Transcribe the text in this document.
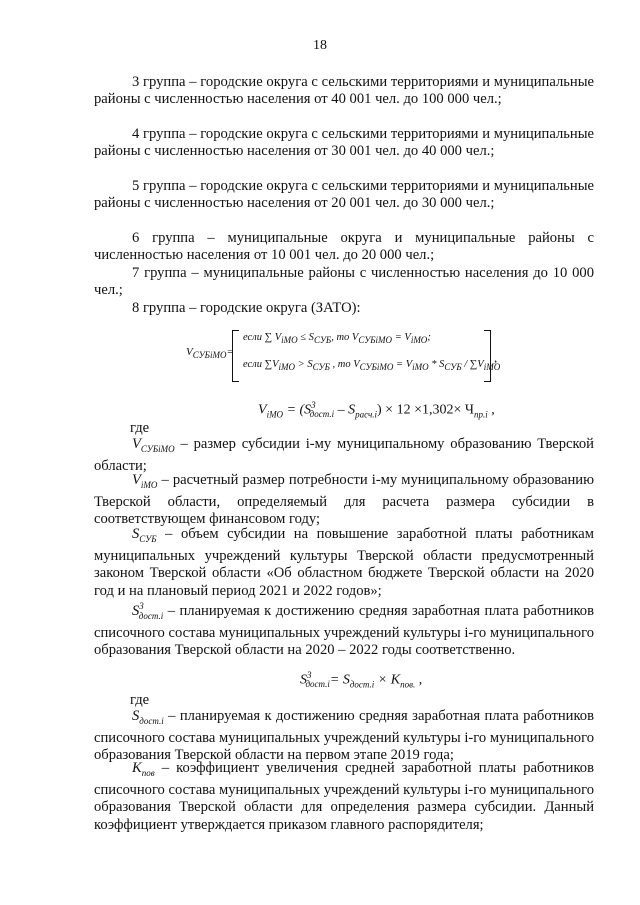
18

3 группа – городские округа с сельскими территориями и муниципальные районы с численностью населения от 40 001 чел. до 100 000 чел.;

4 группа – городские округа с сельскими территориями и муниципальные районы с численностью населения от 30 001 чел. до 40 000 чел.;

5 группа – городские округа с сельскими территориями и муниципальные районы с численностью населения от 20 001 чел. до 30 000 чел.;

6 группа – муниципальные округа и муниципальные районы с численностью населения от 10 001 чел. до 20 000 чел.;

7 группа – муниципальные районы с численностью населения до 10 000 чел.;

8 группа – городские округа (ЗАТО):

$V_{СУБiМО}=$
если ∑ $V_{iМО} \le S_{СУБ}$, то $V_{СУБiМО} = V_{iМО}$;
если $\sum V_{iМО} > S_{СУБ}$ , то $V_{СУБiМО} = V_{iМО} * S_{СУБ} / \sum V_{iМО}$
,
$V_{iМО} = (S^3_{дост.i} - S_{расч.i}) \times 12 \times 1,302\times Ч_{пр.i}$ ,

где

$V_{СУБiМО}$ – размер субсидии i-му муниципальному образованию Тверской области;

$V_{iМО}$ – расчетный размер потребности i-му муниципальному образованию Тверской области, определяемый для расчета размера субсидии в соответствующем финансовом году;

$S_{СУБ}$ – объем субсидии на повышение заработной платы работникам муниципальных учреждений культуры Тверской области предусмотренный законом Тверской области «Об областном бюджете Тверской области на 2020 год и на плановый период 2021 и 2022 годов»;

$S^3_{дост.i}$ – планируемая к достижению средняя заработная плата работников списочного состава муниципальных учреждений культуры i-го муниципального образования Тверской области на 2020 – 2022 годы соответственно.

$S^3_{дост.i}= S_{дост.i} \times K_{пов.}$ ,

где

$S_{дост.i}$ – планируемая к достижению средняя заработная плата работников списочного состава муниципальных учреждений культуры i-го муниципального образования Тверской области на первом этапе 2019 года;

$K_{пов}$ – коэффициент увеличения средней заработной платы работников списочного состава муниципальных учреждений культуры i-го муниципального образования Тверской области для определения размера субсидии. Данный коэффициент утверждается приказом главного распорядителя;
